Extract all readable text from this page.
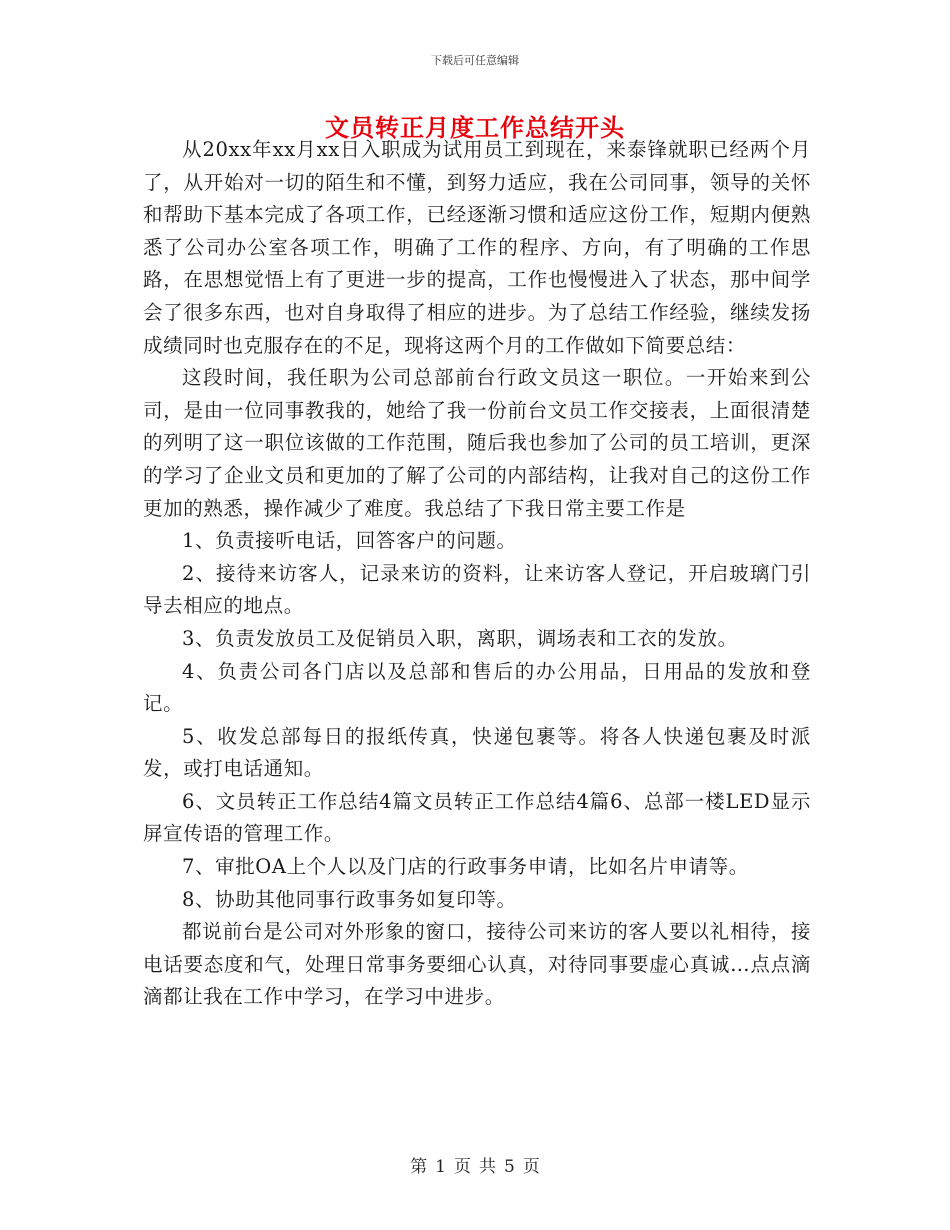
下载后可任意编辑
文员转正月度工作总结开头

从20xx年xx月xx日入职成为试用员工到现在，来泰锋就职已经两个月了，从开始对一切的陌生和不懂，到努力适应，我在公司同事，领导的关怀和帮助下基本完成了各项工作，已经逐渐习惯和适应这份工作，短期内便熟悉了公司办公室各项工作，明确了工作的程序、方向，有了明确的工作思路，在思想觉悟上有了更进一步的提高，工作也慢慢进入了状态，那中间学会了很多东西，也对自身取得了相应的进步。为了总结工作经验，继续发扬成绩同时也克服存在的不足，现将这两个月的工作做如下简要总结：

这段时间，我任职为公司总部前台行政文员这一职位。一开始来到公司，是由一位同事教我的，她给了我一份前台文员工作交接表，上面很清楚的列明了这一职位该做的工作范围，随后我也参加了公司的员工培训，更深的学习了企业文员和更加的了解了公司的内部结构，让我对自己的这份工作更加的熟悉，操作减少了难度。我总结了下我日常主要工作是

1、负责接听电话，回答客户的问题。

2、接待来访客人，记录来访的资料，让来访客人登记，开启玻璃门引导去相应的地点。

3、负责发放员工及促销员入职，离职，调场表和工衣的发放。

4、负责公司各门店以及总部和售后的办公用品，日用品的发放和登记。

5、收发总部每日的报纸传真，快递包裹等。将各人快递包裹及时派发，或打电话通知。

6、文员转正工作总结4篇文员转正工作总结4篇6、总部一楼LED显示屏宣传语的管理工作。

7、审批OA上个人以及门店的行政事务申请，比如名片申请等。

8、协助其他同事行政事务如复印等。

都说前台是公司对外形象的窗口，接待公司来访的客人要以礼相待，接电话要态度和气，处理日常事务要细心认真，对待同事要虚心真诚…点点滴滴都让我在工作中学习，在学习中进步。

第 1 页 共 5 页
